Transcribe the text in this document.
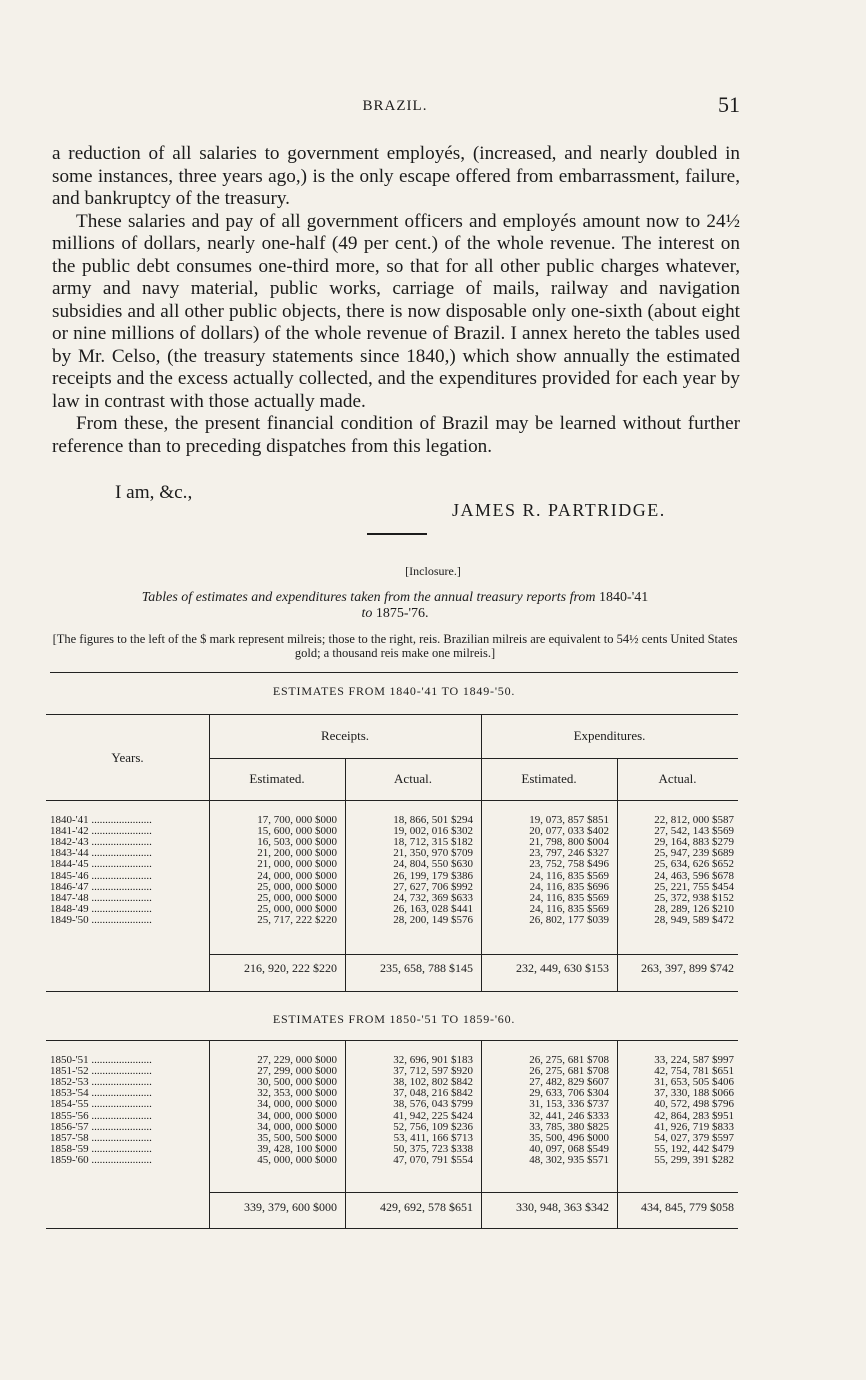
BRAZIL.	51

a reduction of all salaries to government employés, (increased, and nearly doubled in some instances, three years ago,) is the only escape offered from embarrassment, failure, and bankruptcy of the treasury.

These salaries and pay of all government officers and employés amount now to 24½ millions of dollars, nearly one-half (49 per cent.) of the whole revenue. The interest on the public debt consumes one-third more, so that for all other public charges whatever, army and navy material, public works, carriage of mails, railway and navigation subsidies and all other public objects, there is now disposable only one-sixth (about eight or nine millions of dollars) of the whole revenue of Brazil. I annex hereto the tables used by Mr. Celso, (the treasury statements since 1840,) which show annually the estimated receipts and the excess actually collected, and the expenditures provided for each year by law in contrast with those actually made.

From these, the present financial condition of Brazil may be learned without further reference than to preceding dispatches from this legation.

I am, &c.,
JAMES R. PARTRIDGE.
[Inclosure.]
Tables of estimates and expenditures taken from the annual treasury reports from 1840-'41
to 1875-'76.
[The figures to the left of the $ mark represent milreis; those to the right, reis. Brazilian milreis are equivalent to 54½ cents United States gold; a thousand reis make one milreis.]
ESTIMATES FROM 1840-'41 TO 1849-'50.
Years.
Receipts.	Expenditures.
Estimated.	Actual.	Estimated.	Actual.
1840-'41 ......................	17, 700, 000 $000	18, 866, 501 $294	19, 073, 857 $851	22, 812, 000 $587
1841-'42 ......................	15, 600, 000 $000	19, 002, 016 $302	20, 077, 033 $402	27, 542, 143 $569
1842-'43 ......................	16, 503, 000 $000	18, 712, 315 $182	21, 798, 800 $004	29, 164, 883 $279
1843-'44 ......................	21, 200, 000 $000	21, 350, 970 $709	23, 797, 246 $327	25, 947, 239 $689
1844-'45 ......................	21, 000, 000 $000	24, 804, 550 $630	23, 752, 758 $496	25, 634, 626 $652
1845-'46 ......................	24, 000, 000 $000	26, 199, 179 $386	24, 116, 835 $569	24, 463, 596 $678
1846-'47 ......................	25, 000, 000 $000	27, 627, 706 $992	24, 116, 835 $696	25, 221, 755 $454
1847-'48 ......................	25, 000, 000 $000	24, 732, 369 $633	24, 116, 835 $569	25, 372, 938 $152
1848-'49 ......................	25, 000, 000 $000	26, 163, 028 $441	24, 116, 835 $569	28, 289, 126 $210
1849-'50 ......................	25, 717, 222 $220	28, 200, 149 $576	26, 802, 177 $039	28, 949, 589 $472
216, 920, 222 $220	235, 658, 788 $145	232, 449, 630 $153	263, 397, 899 $742
ESTIMATES FROM 1850-'51 TO 1859-'60.
1850-'51 ......................	27, 229, 000 $000	32, 696, 901 $183	26, 275, 681 $708	33, 224, 587 $997
1851-'52 ......................	27, 299, 000 $000	37, 712, 597 $920	26, 275, 681 $708	42, 754, 781 $651
1852-'53 ......................	30, 500, 000 $000	38, 102, 802 $842	27, 482, 829 $607	31, 653, 505 $406
1853-'54 ......................	32, 353, 000 $000	37, 048, 216 $842	29, 633, 706 $304	37, 330, 188 $066
1854-'55 ......................	34, 000, 000 $000	38, 576, 043 $799	31, 153, 336 $737	40, 572, 498 $796
1855-'56 ......................	34, 000, 000 $000	41, 942, 225 $424	32, 441, 246 $333	42, 864, 283 $951
1856-'57 ......................	34, 000, 000 $000	52, 756, 109 $236	33, 785, 380 $825	41, 926, 719 $833
1857-'58 ......................	35, 500, 500 $000	53, 411, 166 $713	35, 500, 496 $000	54, 027, 379 $597
1858-'59 ......................	39, 428, 100 $000	50, 375, 723 $338	40, 097, 068 $549	55, 192, 442 $479
1859-'60 ......................	45, 000, 000 $000	47, 070, 791 $554	48, 302, 935 $571	55, 299, 391 $282
339, 379, 600 $000	429, 692, 578 $651	330, 948, 363 $342	434, 845, 779 $058
